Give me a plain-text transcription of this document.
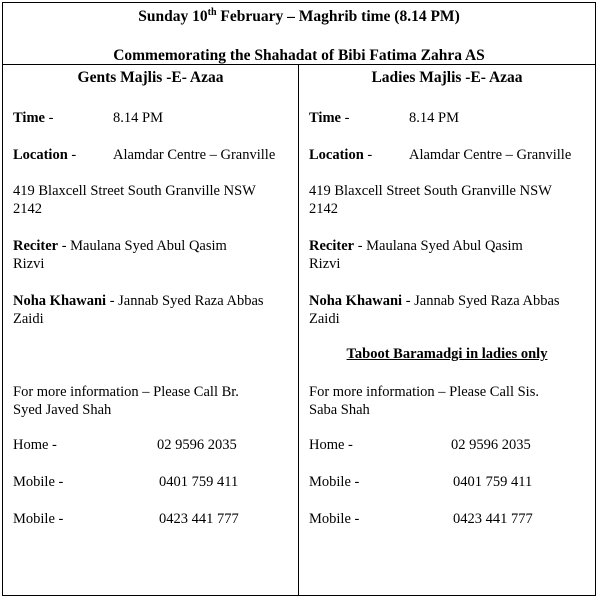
Sunday 10th February – Maghrib time (8.14 PM)
Commemorating the Shahadat of Bibi Fatima Zahra AS
Gents Majlis -E- Azaa
Time -	8.14 PM
Location -	Alamdar Centre – Granville
419 Blaxcell Street South Granville NSW
2142
Reciter - Maulana Syed Abul Qasim
Rizvi
Noha Khawani - Jannab Syed Raza Abbas
Zaidi
For more information – Please Call Br.
Syed Javed Shah
Home -	02 9596 2035
Mobile -	0401 759 411
Mobile -	0423 441 777
Ladies Majlis -E- Azaa
Time -	8.14 PM
Location -	Alamdar Centre – Granville
419 Blaxcell Street South Granville NSW
2142
Reciter - Maulana Syed Abul Qasim
Rizvi
Noha Khawani - Jannab Syed Raza Abbas
Zaidi
Taboot Baramadgi in ladies only
For more information – Please Call Sis.
Saba Shah
Home -	02 9596 2035
Mobile -	0401 759 411
Mobile -	0423 441 777
